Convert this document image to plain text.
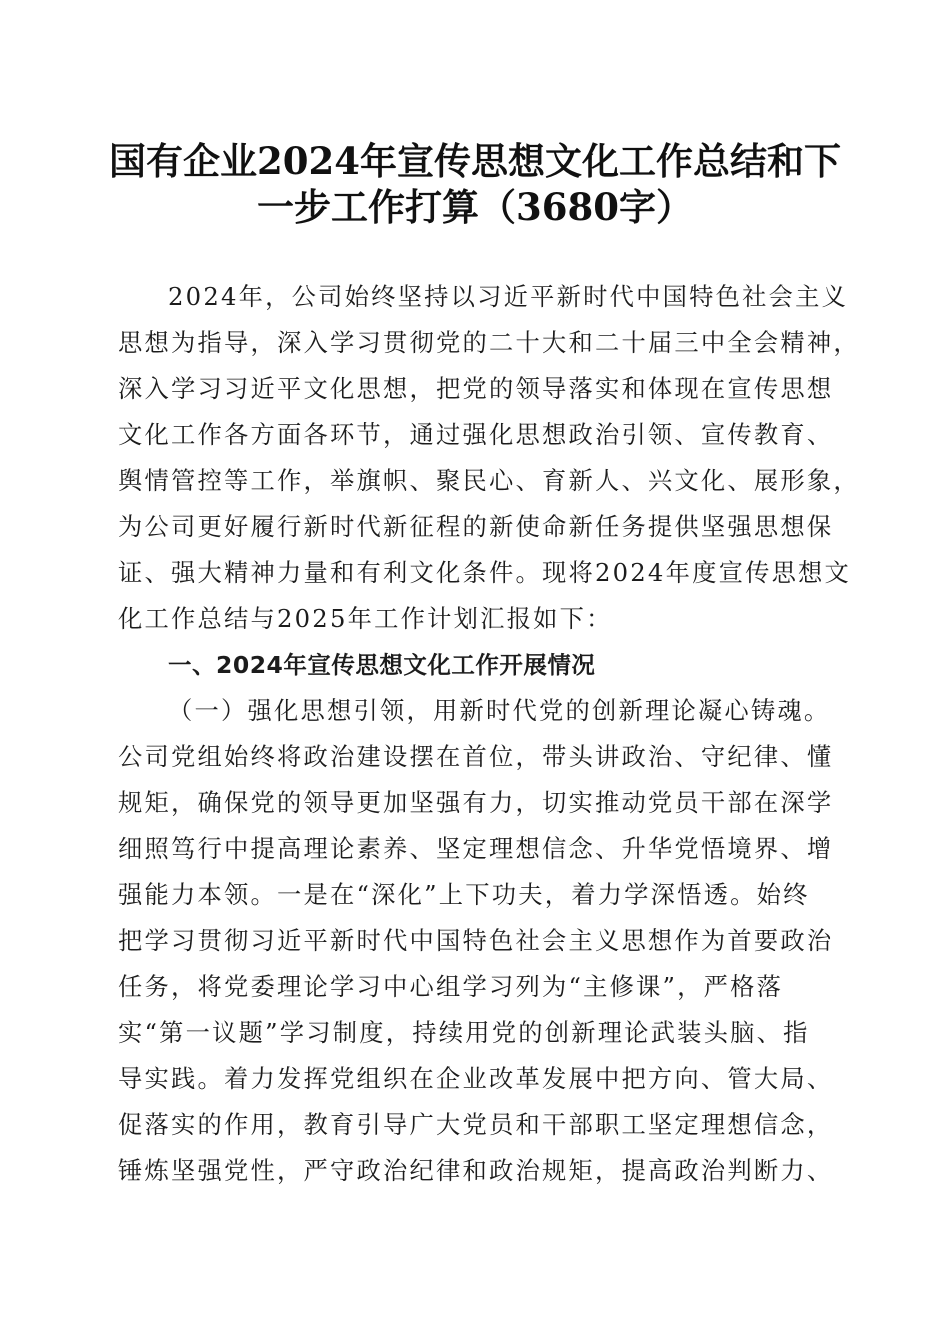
国有企业2024年宣传思想文化工作总结和下
一步工作打算（3680字）
2024年，公司始终坚持以习近平新时代中国特色社会主义
思想为指导，深入学习贯彻党的二十大和二十届三中全会精神，
深入学习习近平文化思想，把党的领导落实和体现在宣传思想
文化工作各方面各环节，通过强化思想政治引领、宣传教育、
舆情管控等工作，举旗帜、聚民心、育新人、兴文化、展形象，
为公司更好履行新时代新征程的新使命新任务提供坚强思想保
证、强大精神力量和有利文化条件。现将2024年度宣传思想文
化工作总结与2025年工作计划汇报如下：
一、2024年宣传思想文化工作开展情况
（一）强化思想引领，用新时代党的创新理论凝心铸魂。
公司党组始终将政治建设摆在首位，带头讲政治、守纪律、懂
规矩，确保党的领导更加坚强有力，切实推动党员干部在深学
细照笃行中提高理论素养、坚定理想信念、升华党悟境界、增
强能力本领。一是在“深化”上下功夫，着力学深悟透。始终
把学习贯彻习近平新时代中国特色社会主义思想作为首要政治
任务，将党委理论学习中心组学习列为“主修课”，严格落
实“第一议题”学习制度，持续用党的创新理论武装头脑、指
导实践。着力发挥党组织在企业改革发展中把方向、管大局、
促落实的作用，教育引导广大党员和干部职工坚定理想信念，
锤炼坚强党性，严守政治纪律和政治规矩，提高政治判断力、
